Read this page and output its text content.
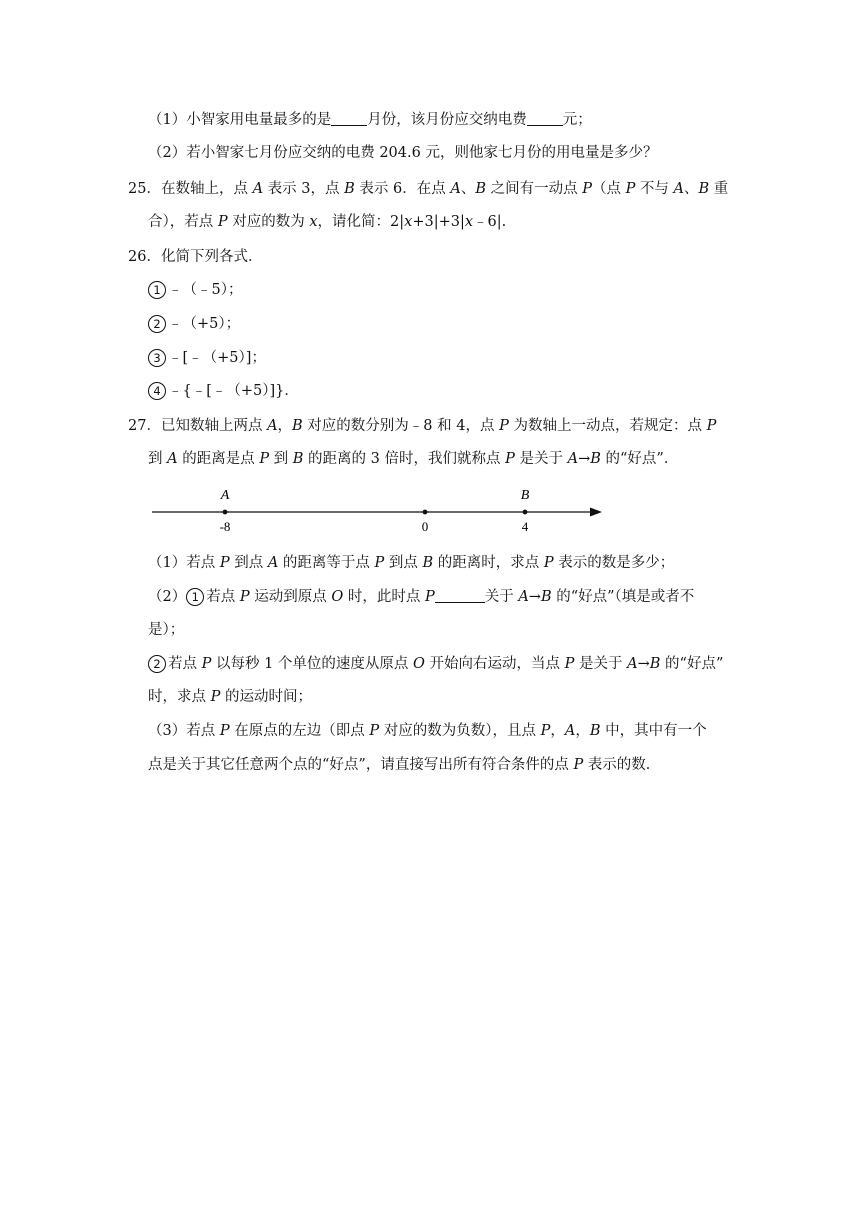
（1）小智家用电量最多的是 月份，该月份应交纳电费 元；
（2）若小智家七月份应交纳的电费 204.6 元，则他家七月份的用电量是多少？
25．在数轴上，点 A 表示 3，点 B 表示 6．在点 A、B 之间有一动点 P（点 P 不与 A、B 重
合），若点 P 对应的数为 x，请化简：2|x+3|+3|x﹣6|.
26．化简下列各式．
1 ﹣（﹣5）；
2 ﹣（+5）；
3 ﹣[﹣（+5）]；
4 ﹣{﹣[﹣（+5）]}．
27．已知数轴上两点 A，B 对应的数分别为﹣8 和 4，点 P 为数轴上一动点，若规定：点 P
到 A 的距离是点 P 到 B 的距离的 3 倍时，我们就称点 P 是关于 A→B 的“好点”．
-8
A
0	4
B
（1）若点 P 到点 A 的距离等于点 P 到点 B 的距离时，求点 P 表示的数是多少；
（2） 1 若点 P 运动到原点 O 时，此时点 P	关于 A→B 的“好点”（填是或者不
是）；
2 若点 P 以每秒 1 个单位的速度从原点 O 开始向右运动，当点 P 是关于 A→B 的“好点”
时，求点 P 的运动时间；
（3）若点 P 在原点的左边（即点 P 对应的数为负数），且点 P，A，B 中，其中有一个
点是关于其它任意两个点的“好点”，请直接写出所有符合条件的点 P 表示的数．
